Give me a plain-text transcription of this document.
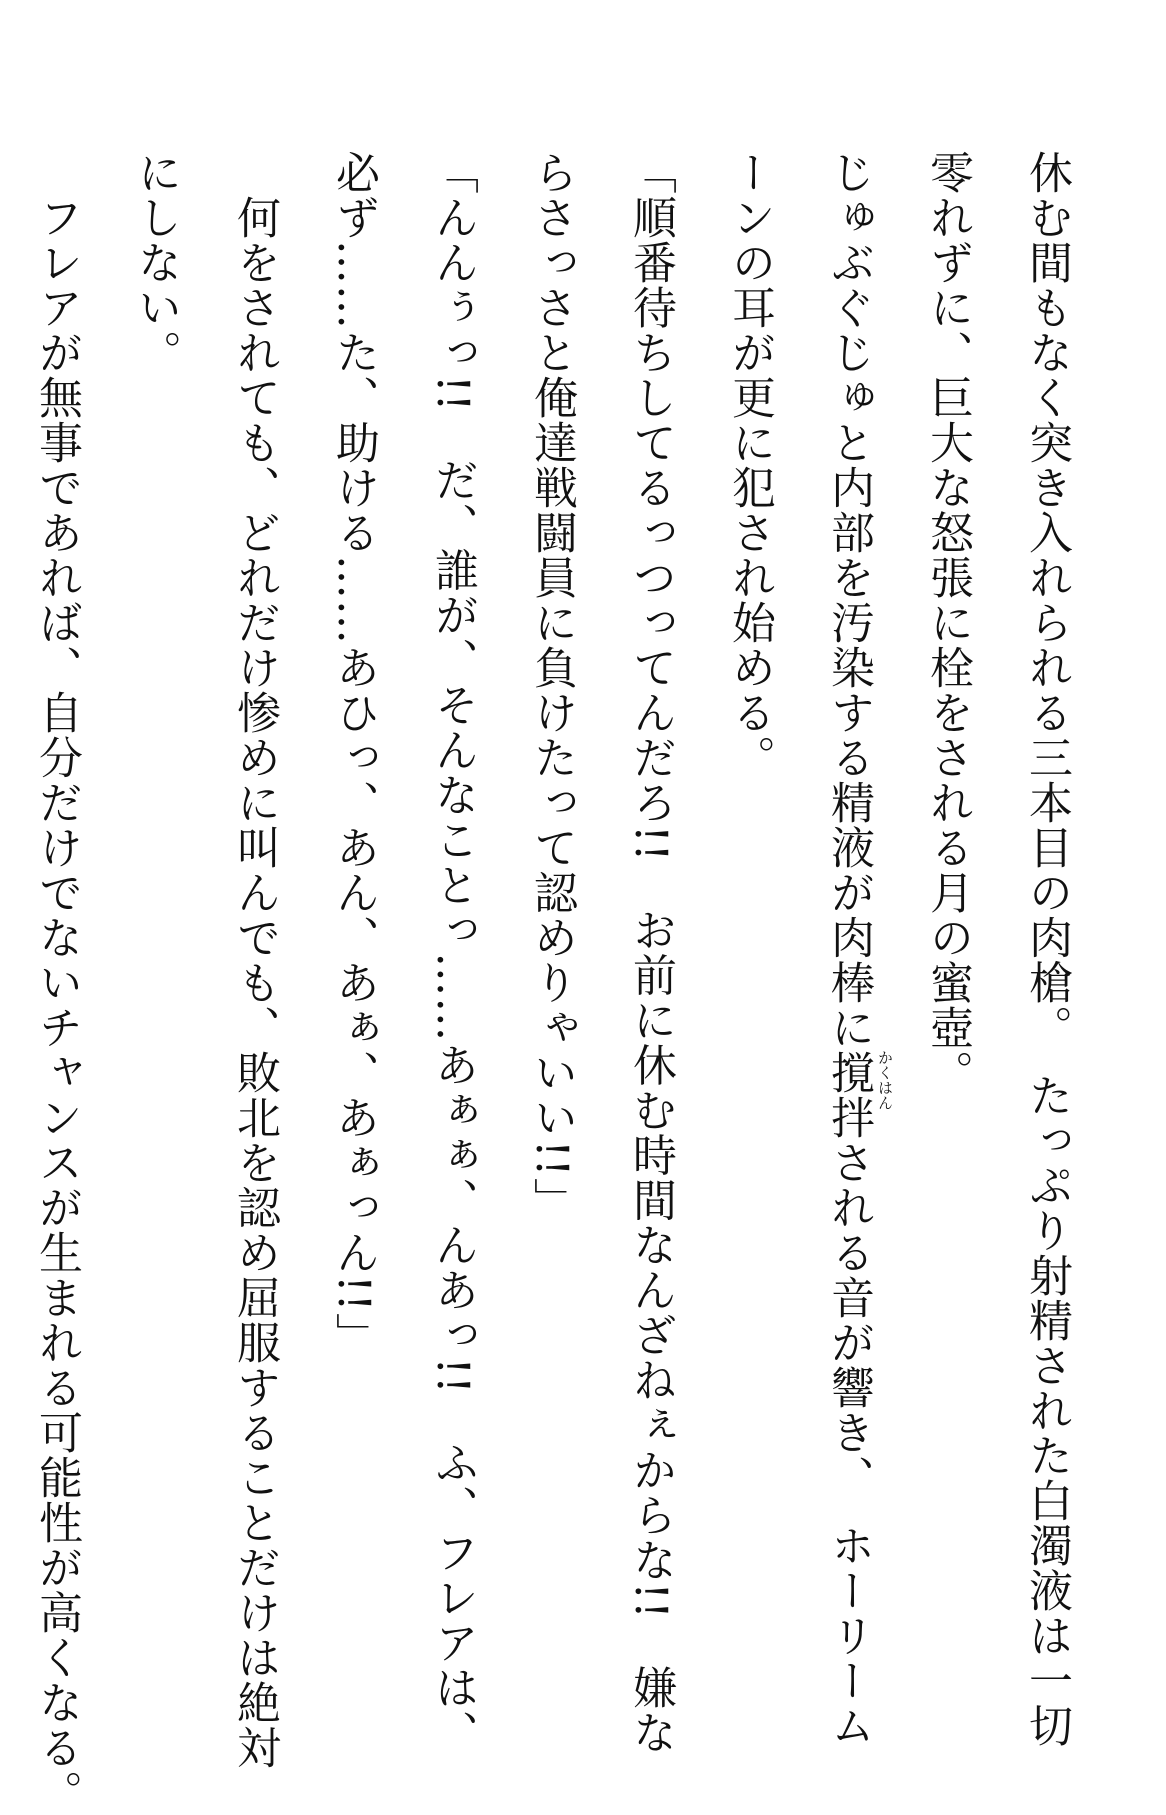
休む間もなく突き入れられる三本目の肉槍。　たっぷり射精された白濁液は一切
零れずに、巨大な怒張に栓をされる月の蜜壺。
じゅぶぐじゅと内部を汚染する精液が肉棒に撹拌 かくはん
される音が響き、　ホーリーム
ーンの耳が更に犯され始める。
「順番待ちしてるっつってんだろ!!　お前に休む時間なんざねぇからな!!　嫌な
らさっさと俺達戦闘員に負けたって認めりゃいい!!」
「んんぅっ!!　だ、誰が、そんなことっ……あぁぁ、んあっ!!　ふ、フレアは、
必ず……た、助ける……あひっ、あん、あぁ、あぁっん!!」
　何をされても、どれだけ惨めに叫んでも、敗北を認め屈服することだけは絶対
にしない。
　フレアが無事であれば、自分だけでないチャンスが生まれる可能性が高くなる。
